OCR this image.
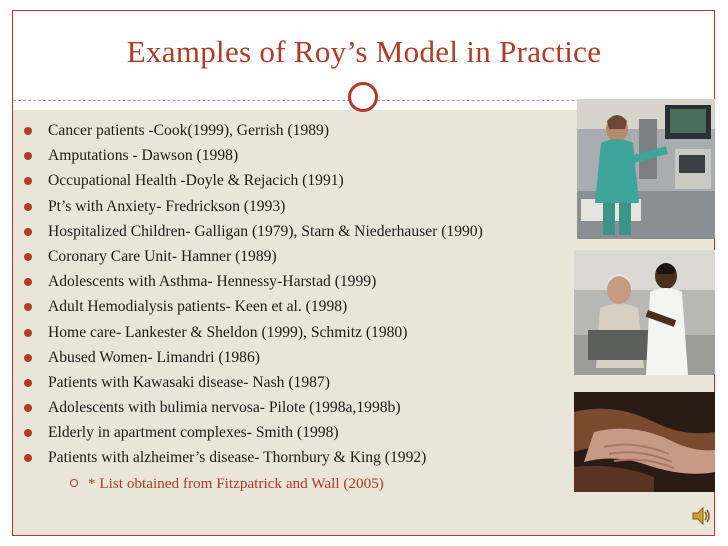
Examples of Roy’s Model in Practice
Cancer patients -Cook(1999), Gerrish (1989)
Amputations - Dawson (1998)
Occupational Health -Doyle & Rejacich (1991)
Pt’s with Anxiety- Fredrickson (1993)
Hospitalized Children- Galligan (1979), Starn & Niederhauser (1990)
Coronary Care Unit- Hamner (1989)
Adolescents with Asthma- Hennessy-Harstad (1999)
Adult Hemodialysis patients- Keen et al. (1998)
Home care- Lankester & Sheldon (1999), Schmitz (1980)
Abused Women- Limandri (1986)
Patients with Kawasaki disease- Nash (1987)
Adolescents with bulimia nervosa- Pilote (1998a,1998b)
Elderly in apartment complexes- Smith (1998)
Patients with alzheimer’s disease- Thornbury & King (1992)
* List obtained from Fitzpatrick and Wall (2005)
